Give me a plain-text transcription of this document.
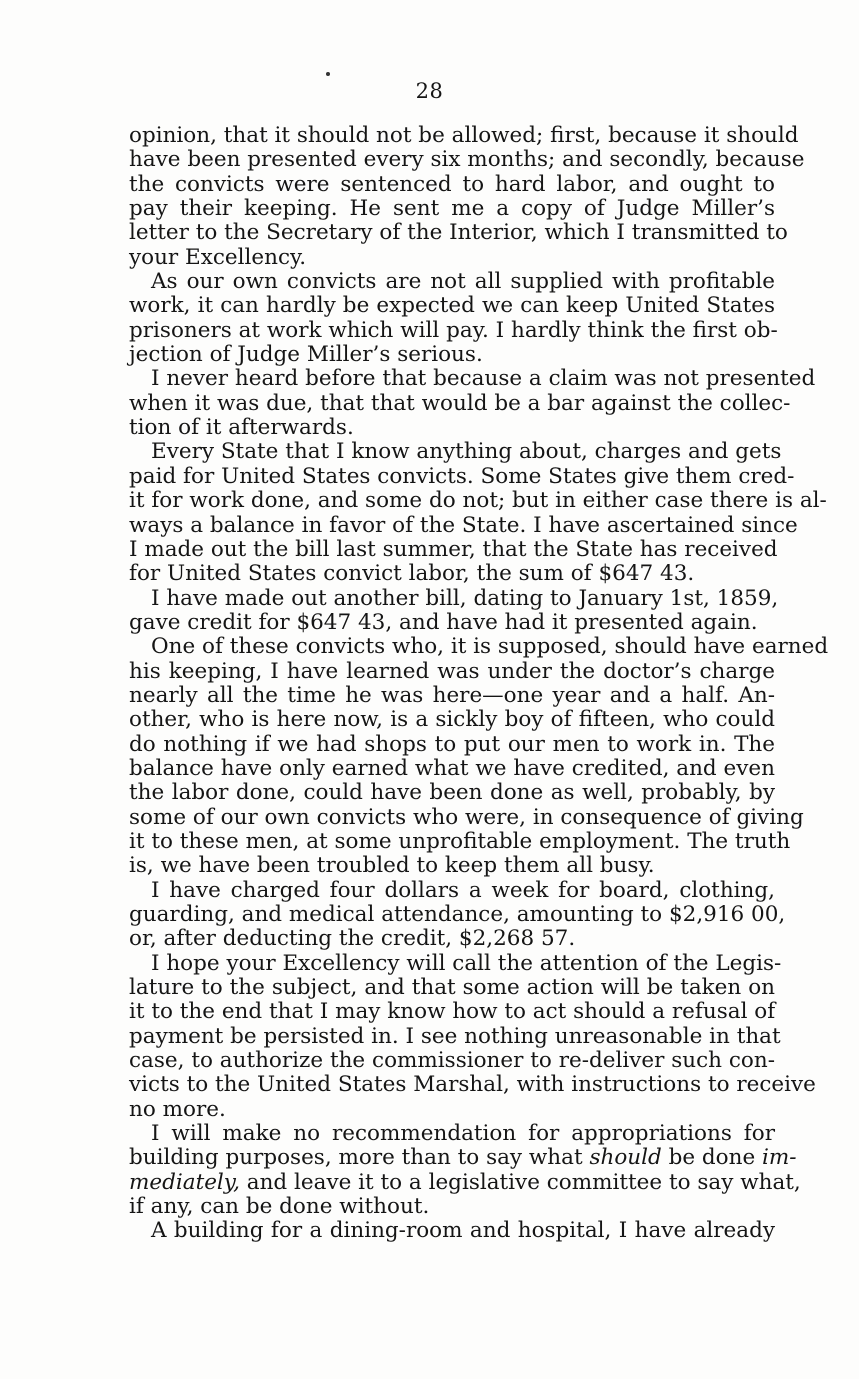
28
opinion, that it should not be allowed; first, because it should
have been presented every six months; and secondly, because
the convicts were sentenced to hard labor, and ought to
pay their keeping. He sent me a copy of Judge Miller’s
letter to the Secretary of the Interior, which I transmitted to
your Excellency.
As our own convicts are not all supplied with profitable
work, it can hardly be expected we can keep United States
prisoners at work which will pay. I hardly think the first ob-
jection of Judge Miller’s serious.
I never heard before that because a claim was not presented
when it was due, that that would be a bar against the collec-
tion of it afterwards.
Every State that I know anything about, charges and gets
paid for United States convicts. Some States give them cred-
it for work done, and some do not; but in either case there is al-
ways a balance in favor of the State. I have ascertained since
I made out the bill last summer, that the State has received
for United States convict labor, the sum of $647 43.
I have made out another bill, dating to January 1st, 1859,
gave credit for $647 43, and have had it presented again.
One of these convicts who, it is supposed, should have earned
his keeping, I have learned was under the doctor’s charge
nearly all the time he was here—one year and a half. An-
other, who is here now, is a sickly boy of fifteen, who could
do nothing if we had shops to put our men to work in. The
balance have only earned what we have credited, and even
the labor done, could have been done as well, probably, by
some of our own convicts who were, in consequence of giving
it to these men, at some unprofitable employment. The truth
is, we have been troubled to keep them all busy.
I have charged four dollars a week for board, clothing,
guarding, and medical attendance, amounting to $2,916 00,
or, after deducting the credit, $2,268 57.
I hope your Excellency will call the attention of the Legis-
lature to the subject, and that some action will be taken on
it to the end that I may know how to act should a refusal of
payment be persisted in. I see nothing unreasonable in that
case, to authorize the commissioner to re-deliver such con-
victs to the United States Marshal, with instructions to receive
no more.
I will make no recommendation for appropriations for
building purposes, more than to say what should be done im-
mediately, and leave it to a legislative committee to say what,
if any, can be done without.
A building for a dining-room and hospital, I have already
